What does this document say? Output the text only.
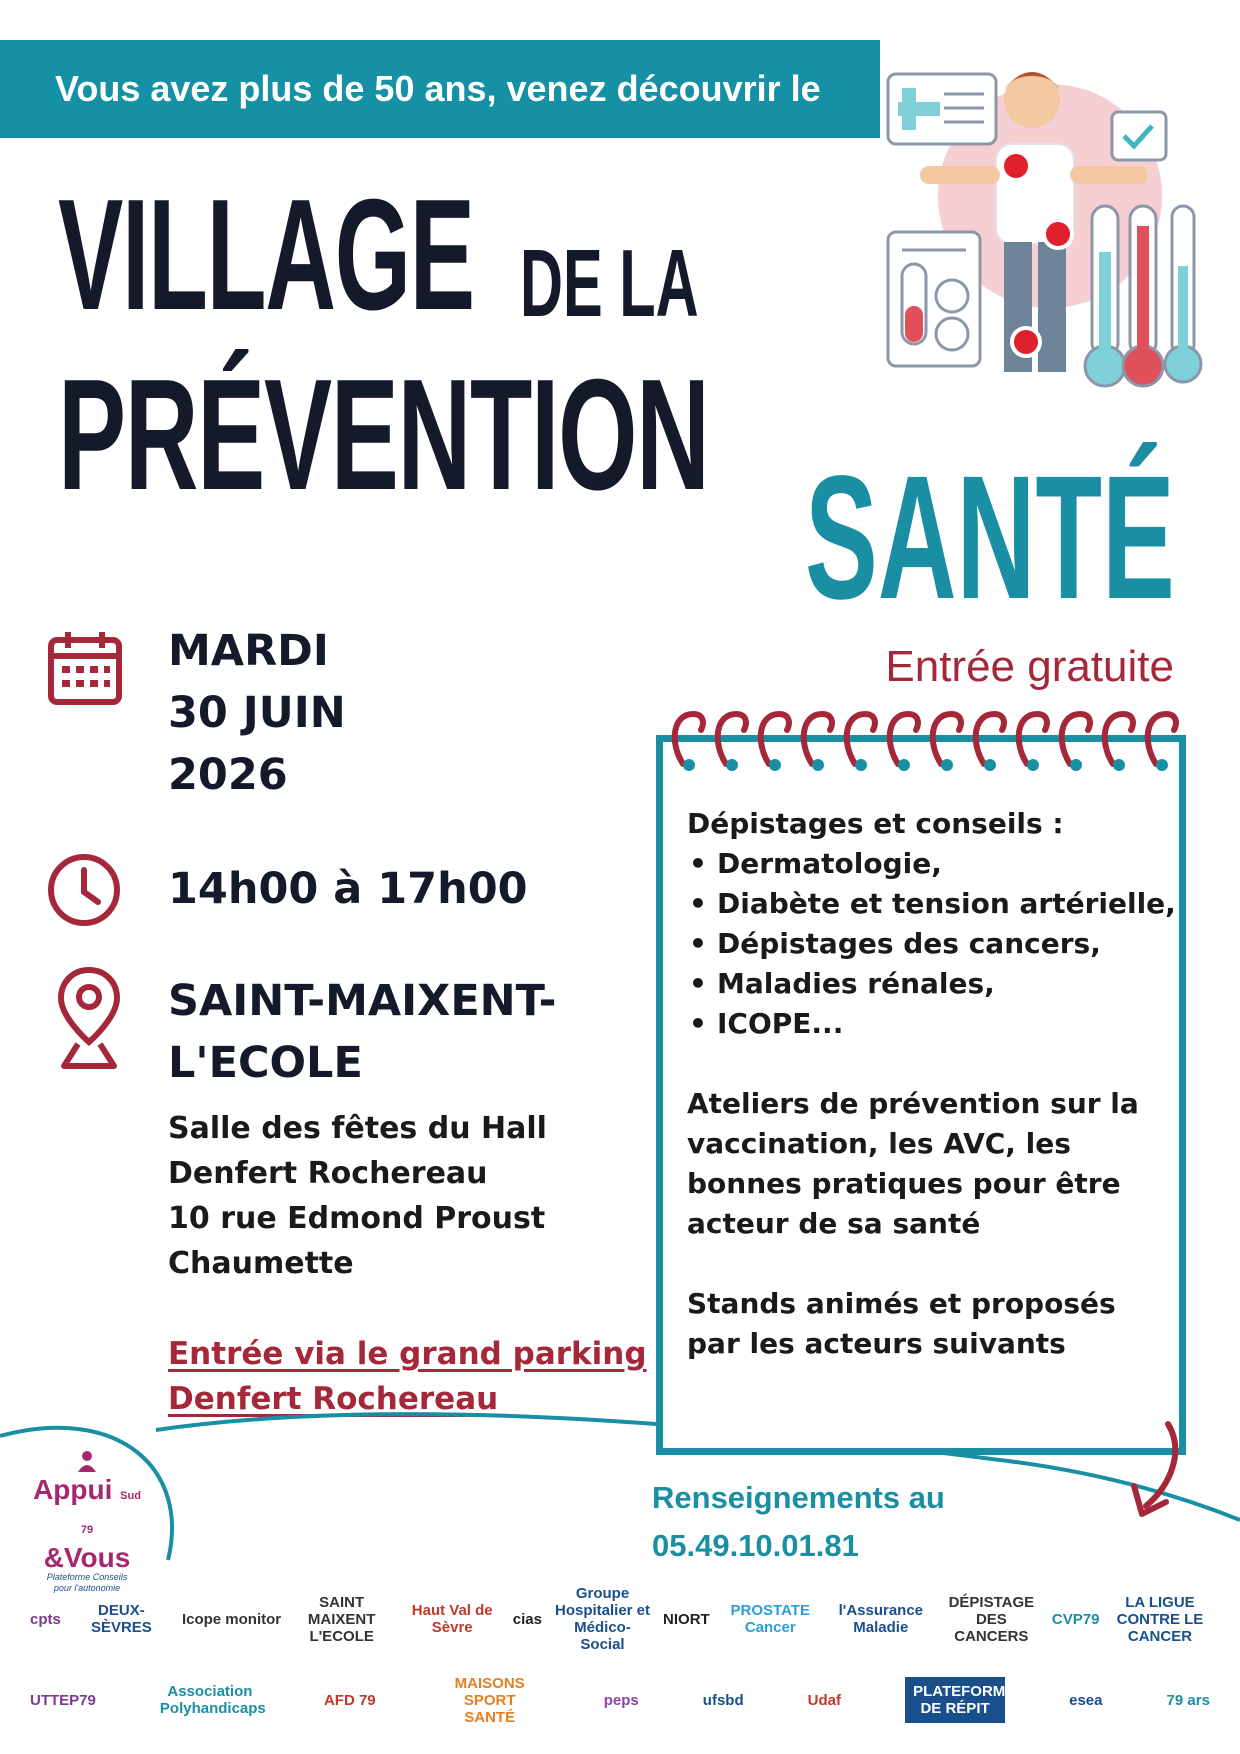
Vous avez plus de 50 ans, venez découvrir le
VILLAGE DE LA
PRÉVENTION
SANTÉ
Entrée gratuite
MARDI
30 JUIN
2026
14h00 à 17h00
SAINT-MAIXENT-
L'ECOLE
Salle des fêtes du Hall
Denfert Rochereau
10 rue Edmond Proust
Chaumette
Entrée via le grand parking
Denfert Rochereau
Dépistages et conseils :
• Dermatologie,
• Diabète et tension artérielle,
• Dépistages des cancers,
• Maladies rénales,
• ICOPE...
Ateliers de prévention sur la vaccination, les AVC, les bonnes pratiques pour être acteur de sa santé
Stands animés et proposés par les acteurs suivants
Renseignements au
05.49.10.01.81
Appui Sud 79
&Vous
Plateforme Conseils
pour l'autonomie
cpts	DEUX-SÈVRES	Icope monitor
SAINT MAIXENT L'ECOLE
Haut Val de Sèvre	cias
Groupe Hospitalier et Médico-Social
NIORT	PROSTATE Cancer
l'Assurance Maladie
DÉPISTAGE DES CANCERS
CVP79
LA LIGUE CONTRE LE CANCER
UTTEP79	Association Polyhandicaps	AFD 79
MAISONS SPORT SANTÉ
peps	ufsbd	Udaf	PLATEFORME DE RÉPIT	esea	79 ars
